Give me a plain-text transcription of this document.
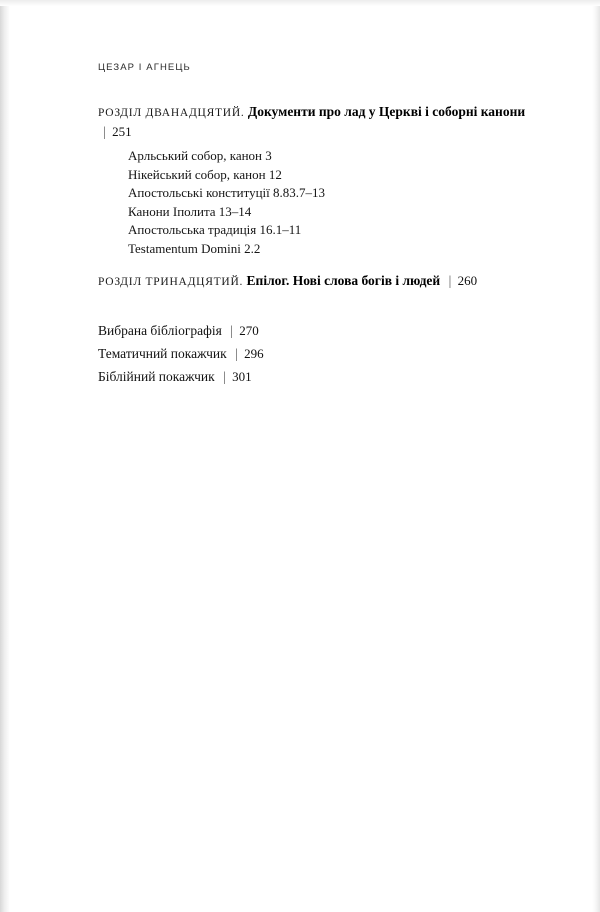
ЦЕЗАР І АГНЕЦЬ
РОЗДІЛ ДВАНАДЦЯТИЙ. Документи про лад у Церкві і соборні канони | 251
Арльський собор, канон 3
Нікейський собор, канон 12
Апостольські конституції 8.83.7–13
Канони Іполита 13–14
Апостольська традиція 16.1–11
Testamentum Domini 2.2
РОЗДІЛ ТРИНАДЦЯТИЙ. Епілог. Нові слова богів і людей | 260
Вибрана бібліографія | 270
Тематичний покажчик | 296
Біблійний покажчик | 301
